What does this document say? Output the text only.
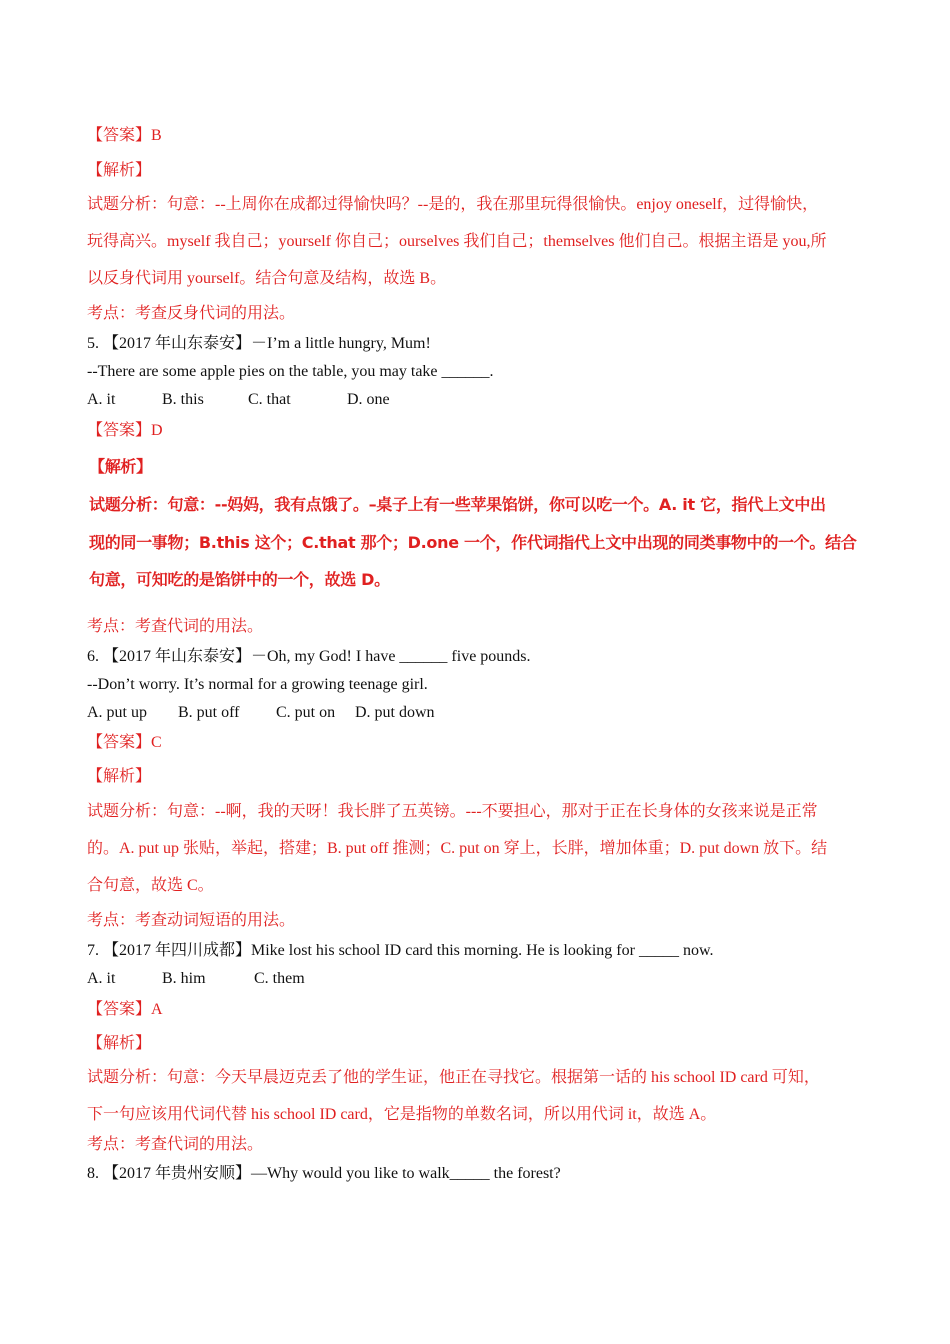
【答案】B
【解析】
试题分析：句意：--上周你在成都过得愉快吗？--是的，我在那里玩得很愉快。enjoy oneself，过得愉快，
玩得高兴。myself 我自己；yourself 你自己；ourselves 我们自己；themselves 他们自己。根据主语是 you,所
以反身代词用 yourself。结合句意及结构，故选 B。
考点：考查反身代词的用法。
5. 【2017 年山东泰安】－I’m a little hungry, Mum!
--There are some apple pies on the table, you may take ______.
A. it	B. this	C. that	D. one
【答案】D
【解析】
试题分析：句意：--妈妈，我有点饿了。–桌子上有一些苹果馅饼，你可以吃一个。A. it 它，指代上文中出
现的同一事物；B.this 这个；C.that 那个；D.one 一个，作代词指代上文中出现的同类事物中的一个。结合
句意，可知吃的是馅饼中的一个，故选 D。
考点：考查代词的用法。
6. 【2017 年山东泰安】－Oh, my God! I have ______ five pounds.
--Don’t worry. It’s normal for a growing teenage girl.
A. put up B. put off C. put on D. put down
【答案】C
【解析】
试题分析：句意：--啊，我的天呀！我长胖了五英镑。---不要担心，那对于正在长身体的女孩来说是正常
的。A. put up 张贴，举起，搭建；B. put off 推测；C. put on 穿上，长胖，增加体重；D. put down 放下。结
合句意，故选 C。
考点：考查动词短语的用法。
7. 【2017 年四川成都】Mike lost his school ID card this morning. He is looking for _____ now.
A. it	B. him	C. them
【答案】A
【解析】
试题分析：句意：今天早晨迈克丢了他的学生证，他正在寻找它。根据第一话的 his school ID card 可知，
下一句应该用代词代替 his school ID card，它是指物的单数名词，所以用代词 it，故选 A。
考点：考查代词的用法。
8. 【2017 年贵州安顺】—Why would you like to walk_____ the forest?
